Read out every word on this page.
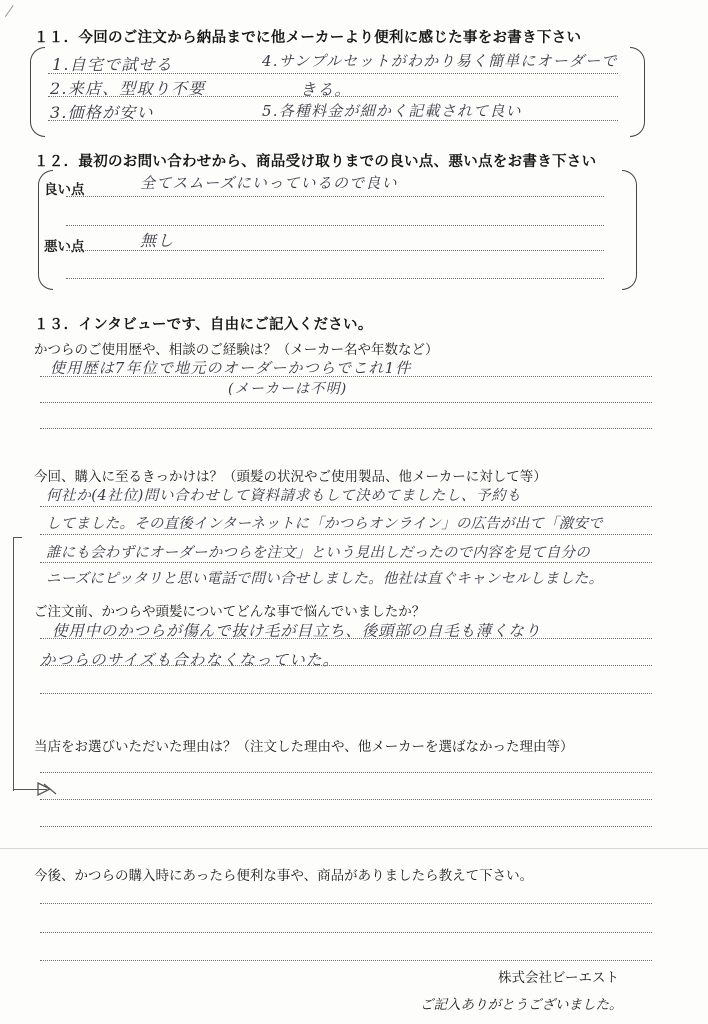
１１．今回のご注文から納品までに他メーカーより便利に感じた事をお書き下さい
1.自宅で試せる
2.来店、型取り不要
3.価格が安い
4.サンプルセットがわかり易く簡単にオーダーで
きる。
5.各種料金が細かく記載されて良い
１２．最初のお問い合わせから、商品受け取りまでの良い点、悪い点をお書き下さい
良い点	全てスムーズにいっているので良い
悪い点	無し
１３．インタビューです、自由にご記入ください。
かつらのご使用歴や、相談のご経験は？（メーカー名や年数など）
使用歴は7年位で地元のオーダーかつらでこれ1件
(メーカーは不明)
今回、購入に至るきっかけは？（頭髪の状況やご使用製品、他メーカーに対して等）
何社か(4社位)問い合わせして資料請求もして決めてましたし、予約も
してました。その直後インターネットに「かつらオンライン」の広告が出て「激安で
誰にも会わずにオーダーかつらを注文」という見出しだったので内容を見て自分の
ニーズにピッタリと思い電話で問い合せしました。他社は直ぐキャンセルしました。
ご注文前、かつらや頭髪についてどんな事で悩んでいましたか？
使用中のかつらが傷んで抜け毛が目立ち、後頭部の自毛も薄くなり
かつらのサイズも合わなくなっていた。
当店をお選びいただいた理由は？（注文した理由や、他メーカーを選ばなかった理由等）
今後、かつらの購入時にあったら便利な事や、商品がありましたら教えて下さい。
株式会社ビーエスト
ご記入ありがとうございました。
